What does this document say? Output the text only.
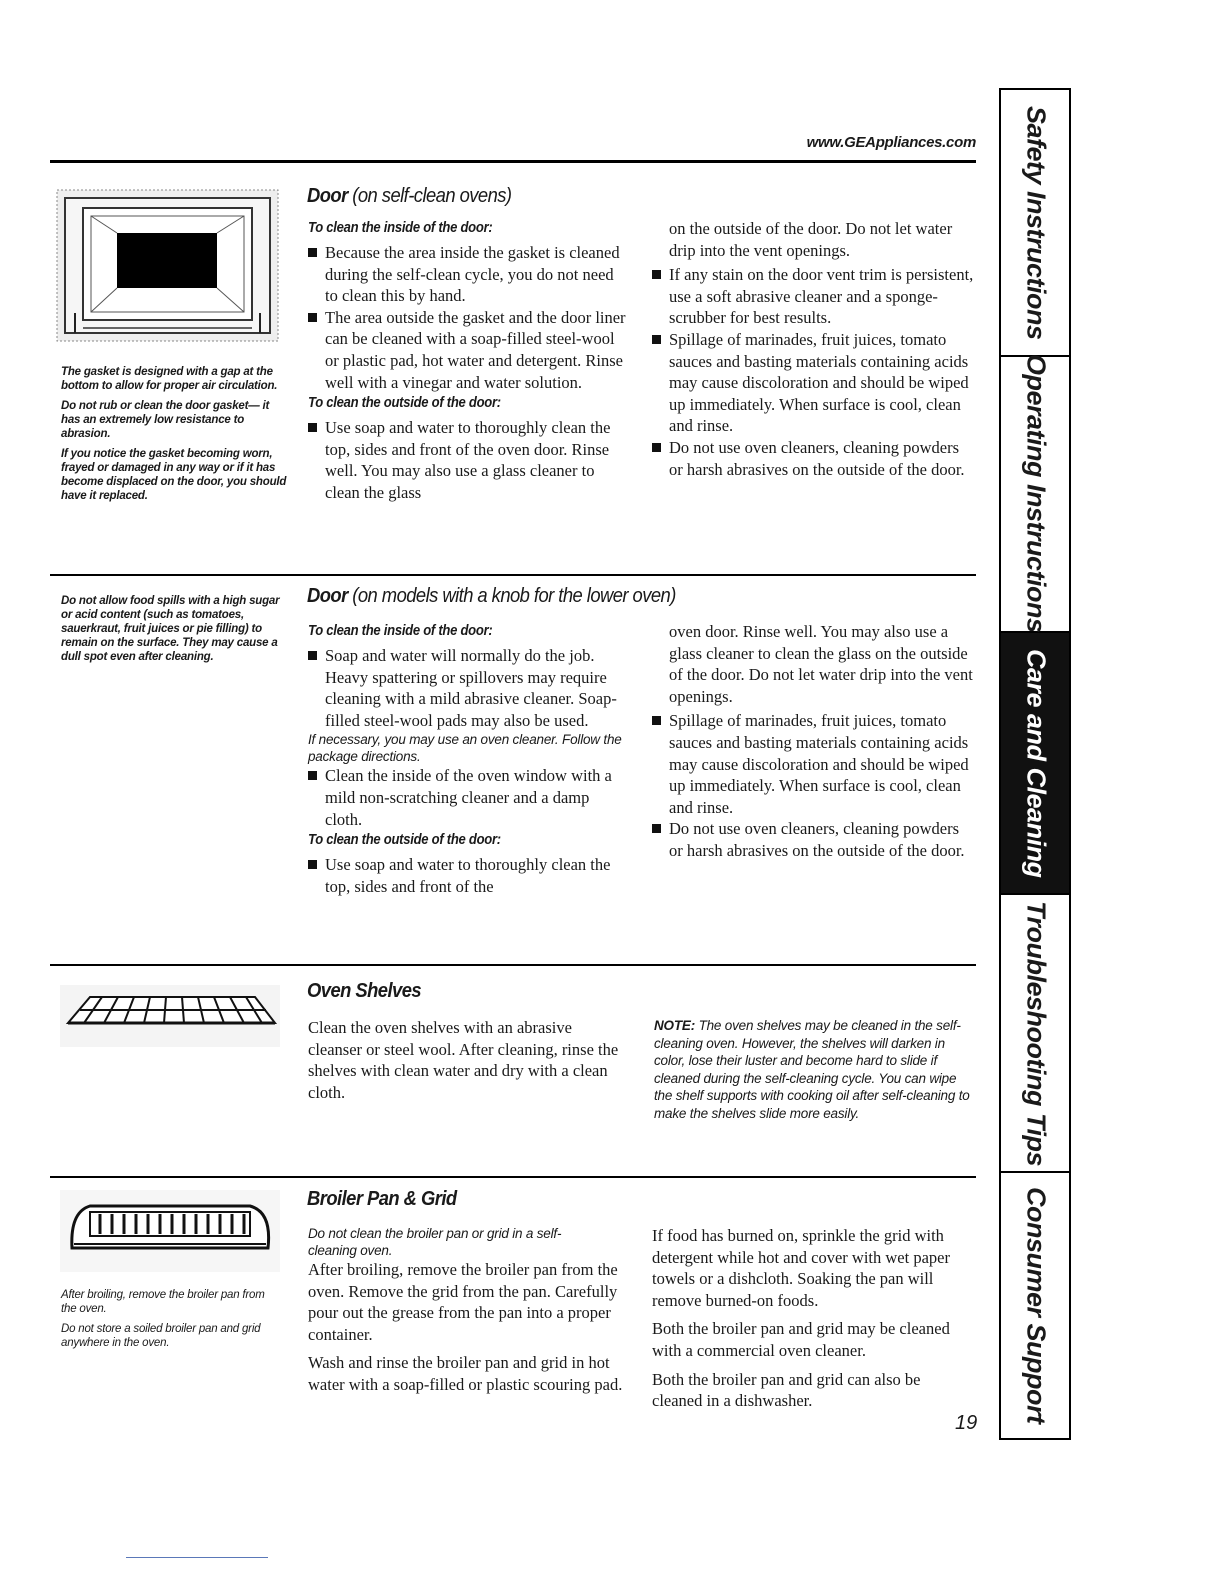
www.GEAppliances.com

The gasket is designed with a gap at the bottom to allow for proper air circulation.

Do not rub or clean the door gasket— it has an extremely low resistance to abrasion.

If you notice the gasket becoming worn, frayed or damaged in any way or if it has become displaced on the door, you should have it replaced.

Door (on self-clean ovens)
To clean the inside of the door:

Because the area inside the gasket is cleaned during the self-clean cycle, you do not need to clean this by hand.

The area outside the gasket and the door liner can be cleaned with a soap-filled steel-wool or plastic pad, hot water and detergent. Rinse well with a vinegar and water solution.

To clean the outside of the door:

Use soap and water to thoroughly clean the top, sides and front of the oven door. Rinse well. You may also use a glass cleaner to clean the glass

on the outside of the door. Do not let water drip into the vent openings.

If any stain on the door vent trim is persistent, use a soft abrasive cleaner and a sponge-scrubber for best results.

Spillage of marinades, fruit juices, tomato sauces and basting materials containing acids may cause discoloration and should be wiped up immediately. When surface is cool, clean and rinse.

Do not use oven cleaners, cleaning powders or harsh abrasives on the outside of the door.

Do not allow food spills with a high sugar or acid content (such as tomatoes, sauerkraut, fruit juices or pie filling) to remain on the surface. They may cause a dull spot even after cleaning.

Door (on models with a knob for the lower oven)
To clean the inside of the door:

Soap and water will normally do the job. Heavy spattering or spillovers may require cleaning with a mild abrasive cleaner. Soap-filled steel-wool pads may also be used.

If necessary, you may use an oven cleaner. Follow the package directions.

Clean the inside of the oven window with a mild non-scratching cleaner and a damp cloth.

To clean the outside of the door:

Use soap and water to thoroughly clean the top, sides and front of the

oven door. Rinse well. You may also use a glass cleaner to clean the glass on the outside of the door. Do not let water drip into the vent openings.

Spillage of marinades, fruit juices, tomato sauces and basting materials containing acids may cause discoloration and should be wiped up immediately. When surface is cool, clean and rinse.

Do not use oven cleaners, cleaning powders or harsh abrasives on the outside of the door.

Oven Shelves

Clean the oven shelves with an abrasive cleanser or steel wool. After cleaning, rinse the shelves with clean water and dry with a clean cloth.

NOTE: The oven shelves may be cleaned in the self-cleaning oven. However, the shelves will darken in color, lose their luster and become hard to slide if cleaned during the self-cleaning cycle. You can wipe the shelf supports with cooking oil after self-cleaning to make the shelves slide more easily.

After broiling, remove the broiler pan from the oven.

Do not store a soiled broiler pan and grid anywhere in the oven.

Broiler Pan & Grid

Do not clean the broiler pan or grid in a self-cleaning oven.

After broiling, remove the broiler pan from the oven. Remove the grid from the pan. Carefully pour out the grease from the pan into a proper container.

Wash and rinse the broiler pan and grid in hot water with a soap-filled or plastic scouring pad.

If food has burned on, sprinkle the grid with detergent while hot and cover with wet paper towels or a dishcloth. Soaking the pan will remove burned-on foods.

Both the broiler pan and grid may be cleaned with a commercial oven cleaner.

Both the broiler pan and grid can also be cleaned in a dishwasher.

19
Safety Instructions
Operating Instructions
Care and Cleaning
Troubleshooting Tips
Consumer Support
